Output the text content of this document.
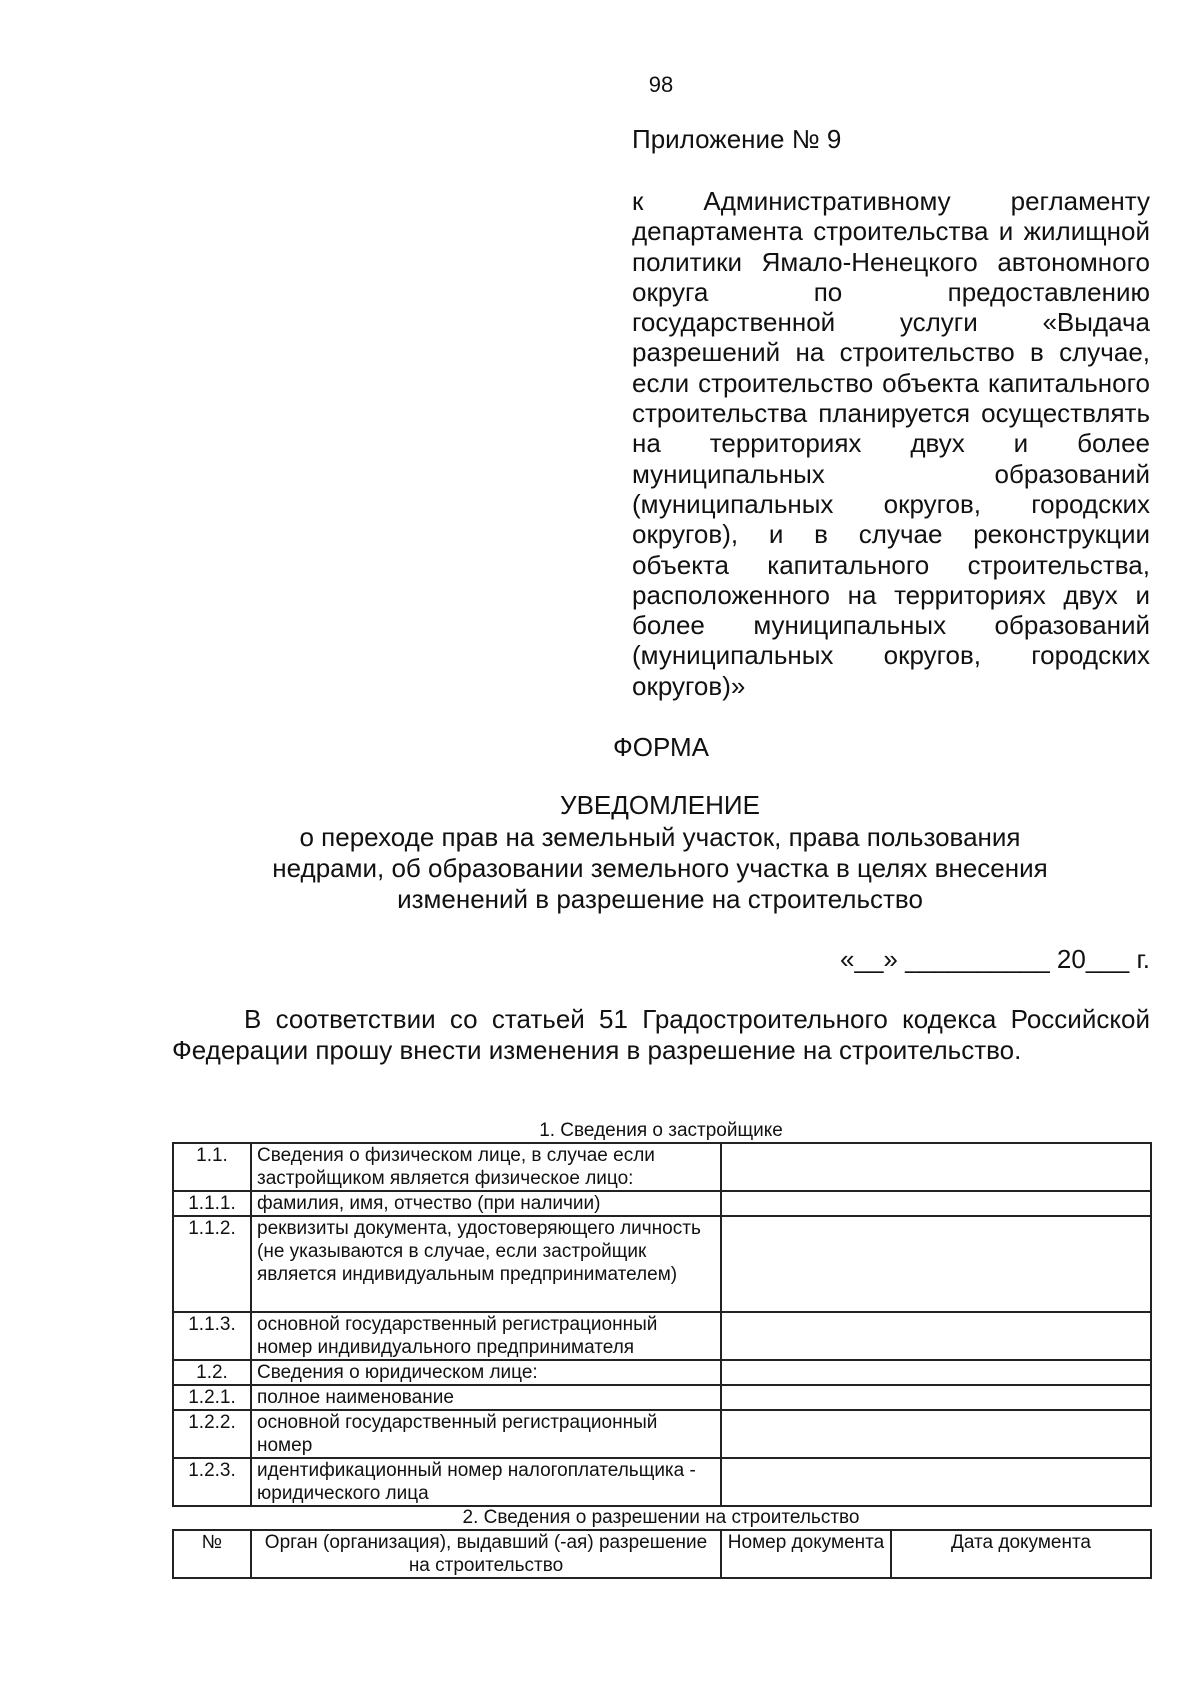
98
Приложение № 9
к Административному регламенту департамента строительства и жилищной политики Ямало-Ненецкого автономного округа по предоставлению государственной услуги «Выдача разрешений на строительство в случае, если строительство объекта капитального строительства планируется осуществлять на территориях двух и более муниципальных образований (муниципальных округов, городских округов), и в случае реконструкции объекта капитального строительства, расположенного на территориях двух и более муниципальных образований (муниципальных округов, городских округов)»
ФОРМА
УВЕДОМЛЕНИЕ
о переходе прав на земельный участок, права пользования
недрами, об образовании земельного участка в целях внесения
изменений в разрешение на строительство
«__» __________ 20___ г.
В соответствии со статьей 51 Градостроительного кодекса Российской Федерации прошу внести изменения в разрешение на строительство.
1. Сведения о застройщике
1.1.	Сведения о физическом лице, в случае если застройщиком является физическое лицо:	
1.1.1.	фамилия, имя, отчество (при наличии)	
1.1.2.	реквизиты документа, удостоверяющего личность (не указываются в случае, если застройщик является индивидуальным предпринимателем)	
1.1.3.	основной государственный регистрационный номер индивидуального предпринимателя	
1.2.	Сведения о юридическом лице:	
1.2.1.	полное наименование	
1.2.2.	основной государственный регистрационный номер	
1.2.3.	идентификационный номер налогоплательщика - юридического лица	
2. Сведения о разрешении на строительство
№	Орган (организация), выдавший (-ая) разрешение на строительство	Номер документа	Дата документа
